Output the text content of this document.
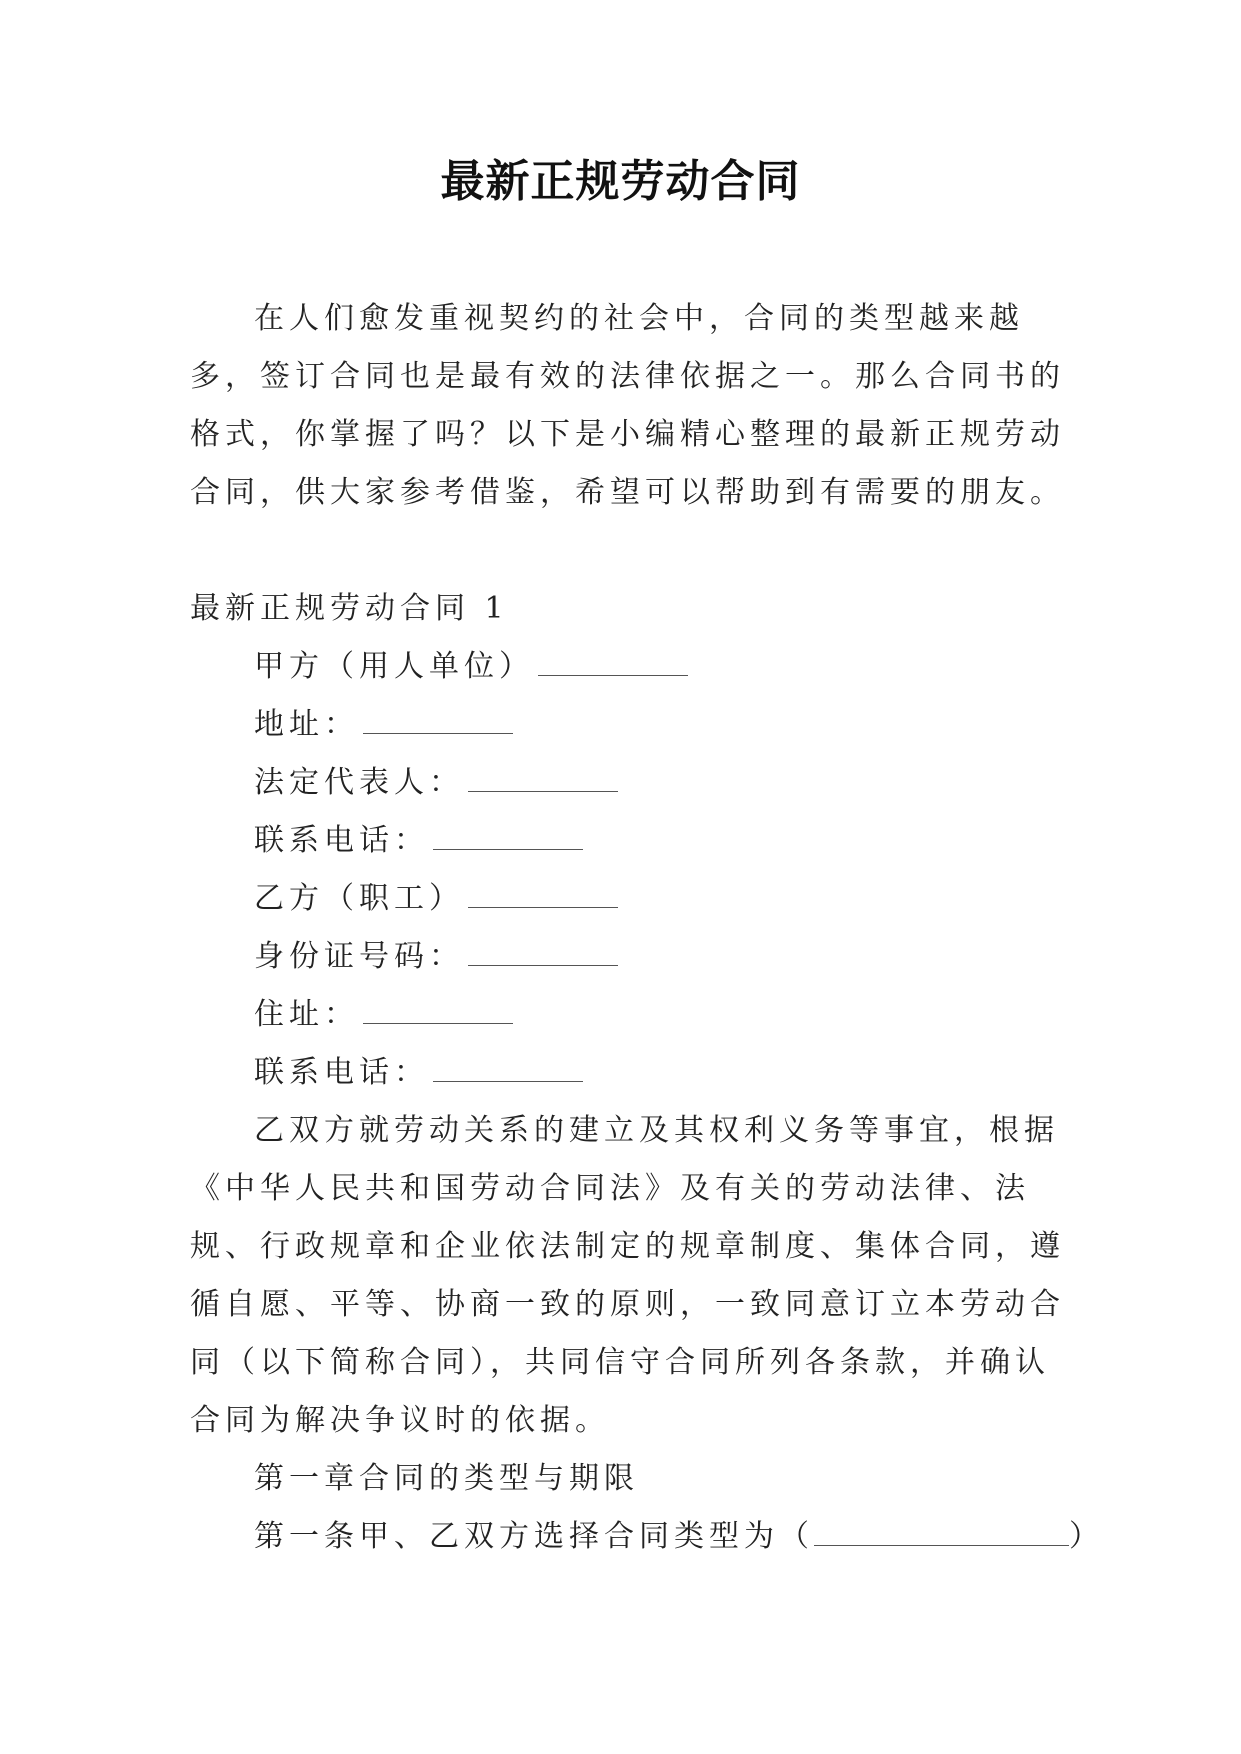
最新正规劳动合同

在人们愈发重视契约的社会中，合同的类型越来越多，签订合同也是最有效的法律依据之一。那么合同书的格式，你掌握了吗？以下是小编精心整理的最新正规劳动合同，供大家参考借鉴，希望可以帮助到有需要的朋友。

最新正规劳动合同 1

甲方（用人单位）

地址：

法定代表人：

联系电话：

乙方（职工）

身份证号码：

住址：

联系电话：

乙双方就劳动关系的建立及其权利义务等事宜，根据《中华人民共和国劳动合同法》及有关的劳动法律、法规、行政规章和企业依法制定的规章制度、集体合同，遵循自愿、平等、协商一致的原则，一致同意订立本劳动合同（以下简称合同），共同信守合同所列各条款，并确认合同为解决争议时的依据。

第一章合同的类型与期限

第一条甲、乙双方选择合同类型为（	）
